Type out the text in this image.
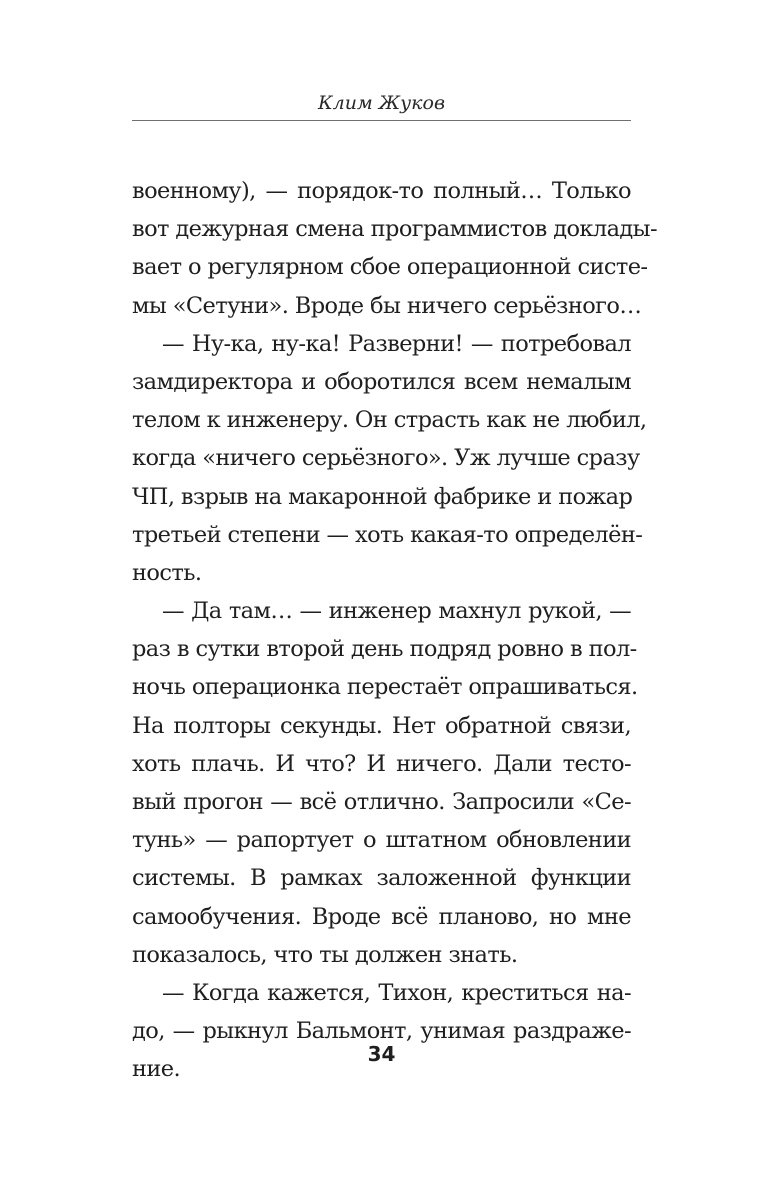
Клим Жуков
военному), — порядок-то полный… Только
вот дежурная смена программистов доклады-
вает о регулярном сбое операционной систе-
мы «Сетуни». Вроде бы ничего серьёзного…
— Ну-ка, ну-ка! Разверни! — потребовал
замдиректора и оборотился всем немалым
телом к инженеру. Он страсть как не любил,
когда «ничего серьёзного». Уж лучше сразу
ЧП, взрыв на макаронной фабрике и пожар
третьей степени — хоть какая-то определён-
ность.
— Да там… — инженер махнул рукой, —
раз в сутки второй день подряд ровно в пол-
ночь операционка перестаёт опрашиваться.
На полторы секунды. Нет обратной связи,
хоть плачь. И что? И ничего. Дали тесто-
вый прогон — всё отлично. Запросили «Се-
тунь» — рапортует о штатном обновлении
системы. В рамках заложенной функции
самообучения. Вроде всё планово, но мне
показалось, что ты должен знать.
— Когда кажется, Тихон, креститься на-
до, — рыкнул Бальмонт, унимая раздраже-
ние.
34
